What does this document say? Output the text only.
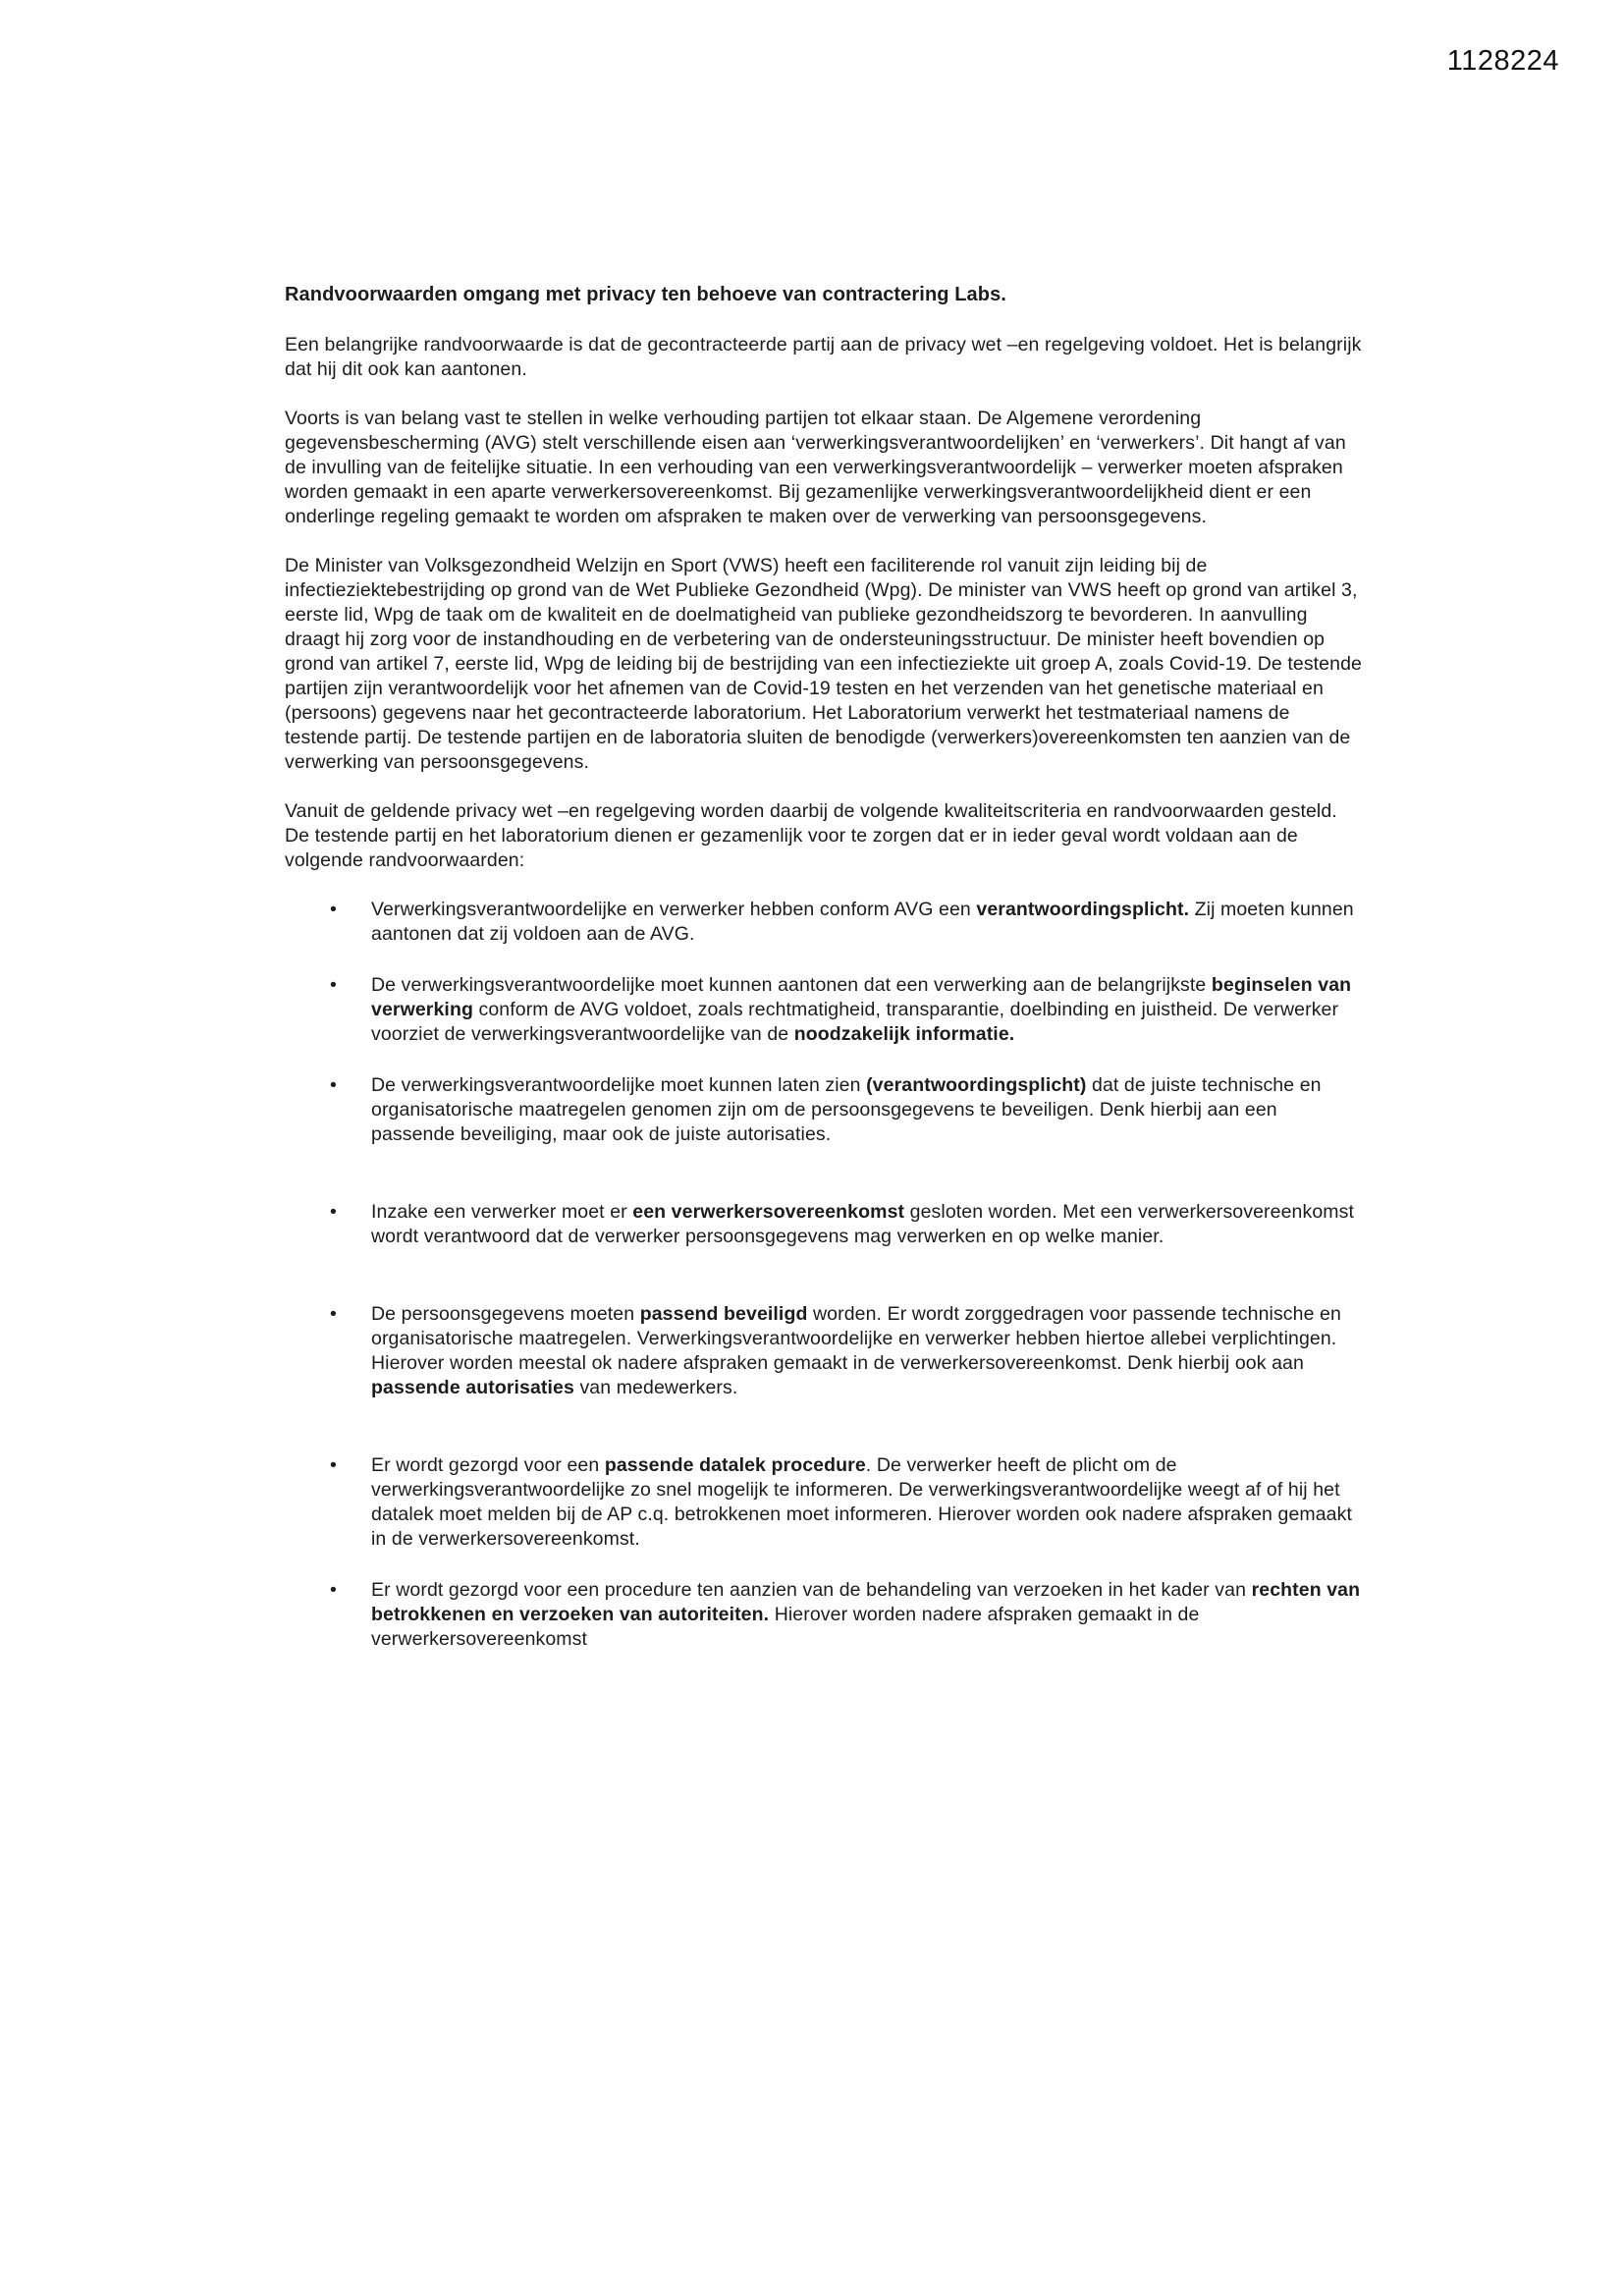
1128224
Randvoorwaarden omgang met privacy ten behoeve van contractering Labs.

Een belangrijke randvoorwaarde is dat de gecontracteerde partij aan de privacy wet –en regelgeving voldoet. Het is belangrijk dat hij dit ook kan aantonen.

Voorts is van belang vast te stellen in welke verhouding partijen tot elkaar staan. De Algemene verordening gegevensbescherming (AVG) stelt verschillende eisen aan ‘verwerkingsverantwoordelijken’ en ‘verwerkers’. Dit hangt af van de invulling van de feitelijke situatie. In een verhouding van een verwerkingsverantwoordelijk – verwerker moeten afspraken worden gemaakt in een aparte verwerkersovereenkomst. Bij gezamenlijke verwerkingsverantwoordelijkheid dient er een onderlinge regeling gemaakt te worden om afspraken te maken over de verwerking van persoonsgegevens.

De Minister van Volksgezondheid Welzijn en Sport (VWS) heeft een faciliterende rol vanuit zijn leiding bij de infectieziektebestrijding op grond van de Wet Publieke Gezondheid (Wpg). De minister van VWS heeft op grond van artikel 3, eerste lid, Wpg de taak om de kwaliteit en de doelmatigheid van publieke gezondheidszorg te bevorderen. In aanvulling draagt hij zorg voor de instandhouding en de verbetering van de ondersteuningsstructuur. De minister heeft bovendien op grond van artikel 7, eerste lid, Wpg de leiding bij de bestrijding van een infectieziekte uit groep A, zoals Covid-19. De testende partijen zijn verantwoordelijk voor het afnemen van de Covid-19 testen en het verzenden van het genetische materiaal en (persoons) gegevens naar het gecontracteerde laboratorium. Het Laboratorium verwerkt het testmateriaal namens de testende partij. De testende partijen en de laboratoria sluiten de benodigde (verwerkers)overeenkomsten ten aanzien van de verwerking van persoonsgegevens.

Vanuit de geldende privacy wet –en regelgeving worden daarbij de volgende kwaliteitscriteria en randvoorwaarden gesteld. De testende partij en het laboratorium dienen er gezamenlijk voor te zorgen dat er in ieder geval wordt voldaan aan de volgende randvoorwaarden:

•
Verwerkingsverantwoordelijke en verwerker hebben conform AVG een verantwoordingsplicht. Zij moeten kunnen aantonen dat zij voldoen aan de AVG.
•
De verwerkingsverantwoordelijke moet kunnen aantonen dat een verwerking aan de belangrijkste beginselen van verwerking conform de AVG voldoet, zoals rechtmatigheid, transparantie, doelbinding en juistheid. De verwerker voorziet de verwerkingsverantwoordelijke van de noodzakelijk informatie.
•
De verwerkingsverantwoordelijke moet kunnen laten zien (verantwoordingsplicht) dat de juiste technische en organisatorische maatregelen genomen zijn om de persoonsgegevens te beveiligen. Denk hierbij aan een passende beveiliging, maar ook de juiste autorisaties.
•
Inzake een verwerker moet er een verwerkersovereenkomst gesloten worden. Met een verwerkersovereenkomst wordt verantwoord dat de verwerker persoonsgegevens mag verwerken en op welke manier.
•
De persoonsgegevens moeten passend beveiligd worden. Er wordt zorggedragen voor passende technische en organisatorische maatregelen. Verwerkingsverantwoordelijke en verwerker hebben hiertoe allebei verplichtingen. Hierover worden meestal ok nadere afspraken gemaakt in de verwerkersovereenkomst. Denk hierbij ook aan passende autorisaties van medewerkers.
•
Er wordt gezorgd voor een passende datalek procedure. De verwerker heeft de plicht om de verwerkingsverantwoordelijke zo snel mogelijk te informeren. De verwerkingsverantwoordelijke weegt af of hij het datalek moet melden bij de AP c.q. betrokkenen moet informeren. Hierover worden ook nadere afspraken gemaakt in de verwerkersovereenkomst.
•
Er wordt gezorgd voor een procedure ten aanzien van de behandeling van verzoeken in het kader van rechten van betrokkenen en verzoeken van autoriteiten. Hierover worden nadere afspraken gemaakt in de verwerkersovereenkomst
